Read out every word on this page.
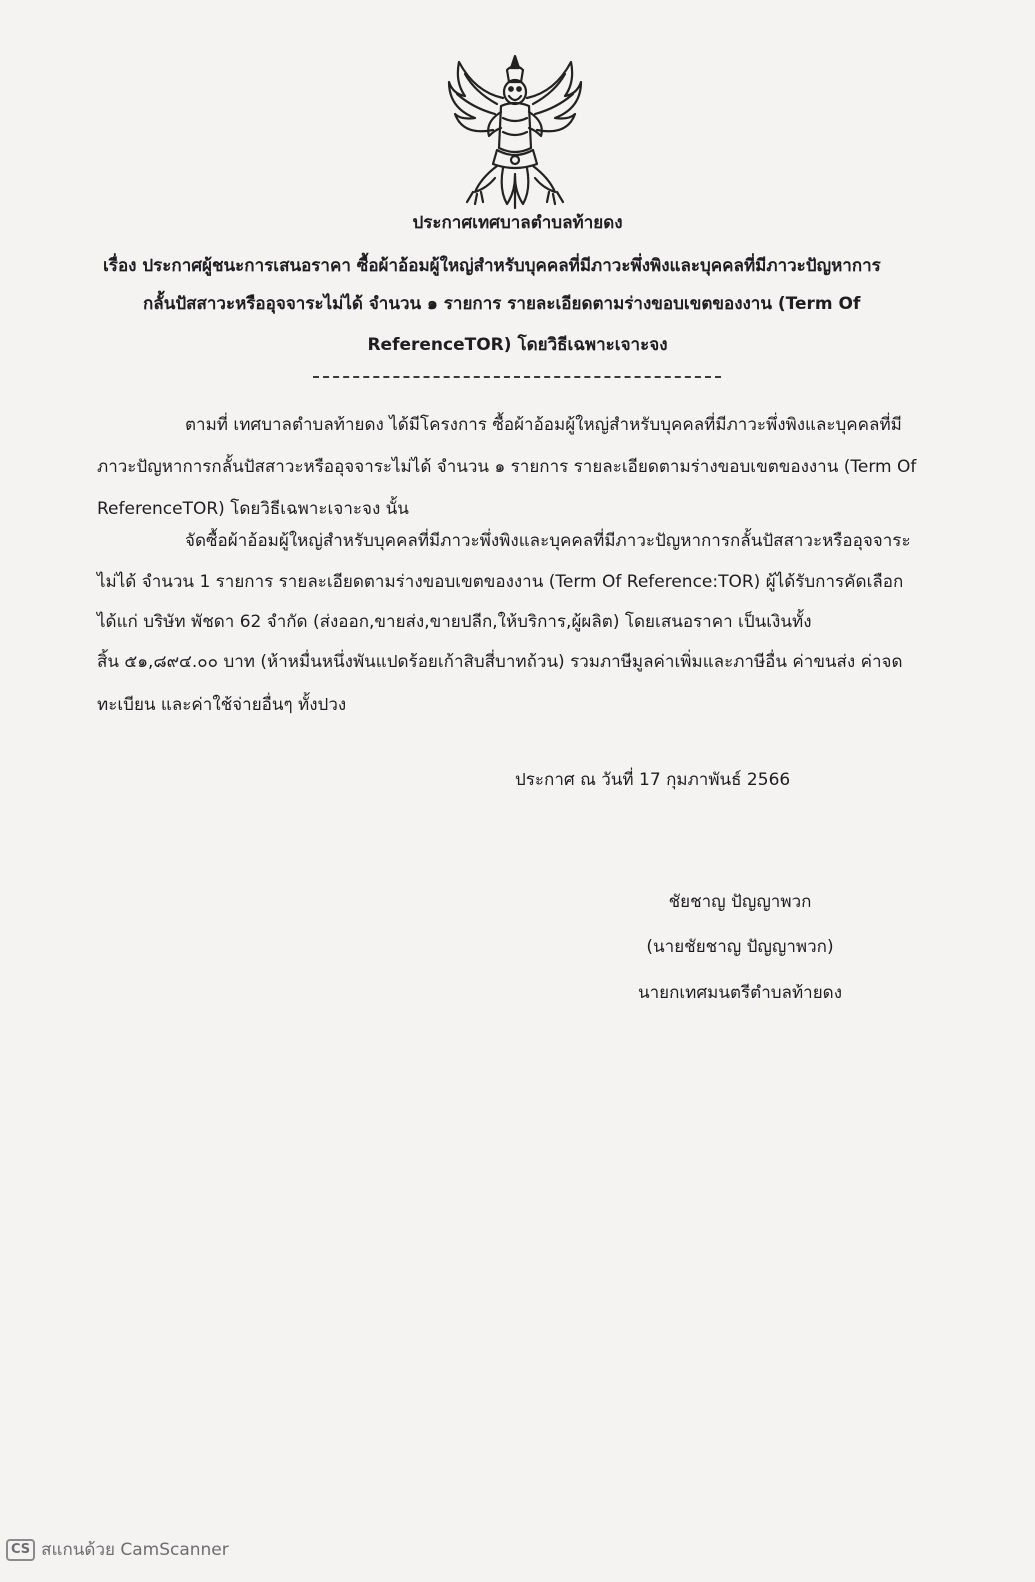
ประกาศเทศบาลตำบลท้ายดง
เรื่อง ประกาศผู้ชนะการเสนอราคา ซื้อผ้าอ้อมผู้ใหญ่สำหรับบุคคลที่มีภาวะพึ่งพิงและบุคคลที่มีภาวะปัญหาการ
กลั้นปัสสาวะหรืออุจจาระไม่ได้ จำนวน ๑ รายการ รายละเอียดตามร่างขอบเขตของงาน (Term Of
ReferenceTOR) โดยวิธีเฉพาะเจาะจง
ตามที่ เทศบาลตำบลท้ายดง ได้มีโครงการ ซื้อผ้าอ้อมผู้ใหญ่สำหรับบุคคลที่มีภาวะพึ่งพิงและบุคคลที่มี
ภาวะปัญหาการกลั้นปัสสาวะหรืออุจจาระไม่ได้ จำนวน ๑ รายการ รายละเอียดตามร่างขอบเขตของงาน (Term Of
ReferenceTOR) โดยวิธีเฉพาะเจาะจง นั้น
จัดซื้อผ้าอ้อมผู้ใหญ่สำหรับบุคคลที่มีภาวะพึ่งพิงและบุคคลที่มีภาวะปัญหาการกลั้นปัสสาวะหรืออุจจาระ
ไม่ได้ จำนวน 1 รายการ รายละเอียดตามร่างขอบเขตของงาน (Term Of Reference:TOR) ผู้ได้รับการคัดเลือก
ได้แก่ บริษัท พัชดา 62 จำกัด (ส่งออก,ขายส่ง,ขายปลีก,ให้บริการ,ผู้ผลิต) โดยเสนอราคา เป็นเงินทั้ง
สิ้น ๕๑,๘๙๔.๐๐ บาท (ห้าหมื่นหนึ่งพันแปดร้อยเก้าสิบสี่บาทถ้วน) รวมภาษีมูลค่าเพิ่มและภาษีอื่น ค่าขนส่ง ค่าจด
ทะเบียน และค่าใช้จ่ายอื่นๆ ทั้งปวง
ประกาศ ณ วันที่ 17 กุมภาพันธ์ 2566
ชัยชาญ ปัญญาพวก
(นายชัยชาญ ปัญญาพวก)
นายกเทศมนตรีตำบลท้ายดง
CS สแกนด้วย CamScanner
